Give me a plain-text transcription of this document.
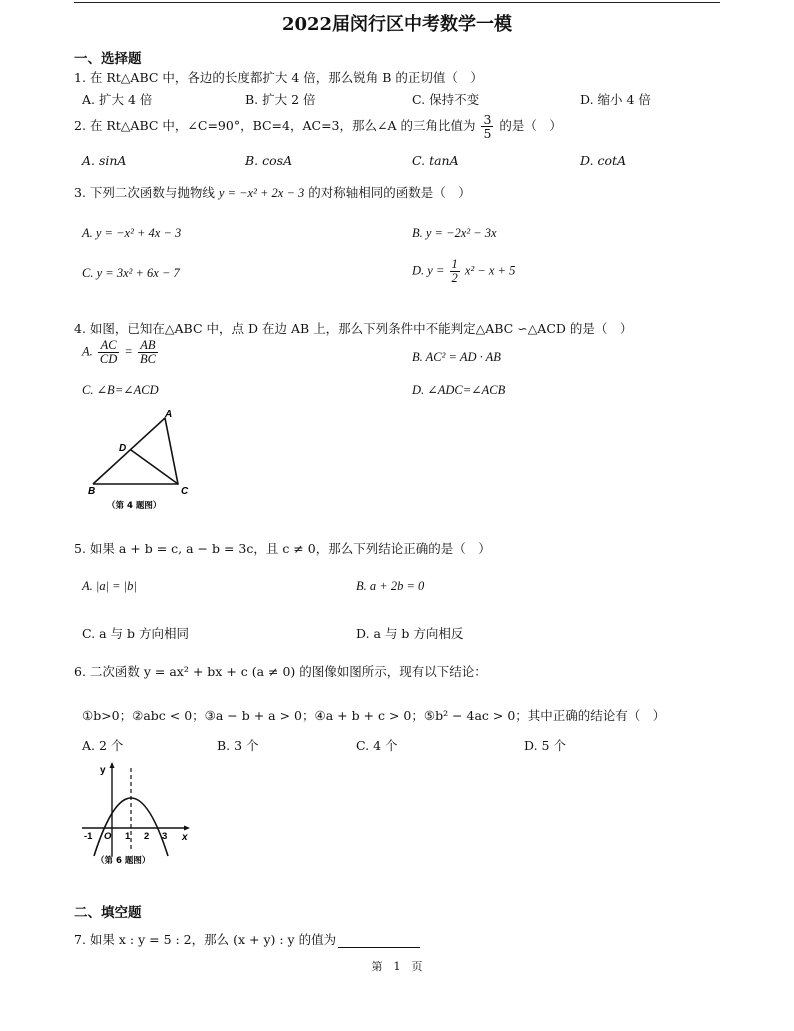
2022届闵行区中考数学一模
一、选择题
1. 在 Rt△ABC 中，各边的长度都扩大 4 倍，那么锐角 B 的正切值（　）
A. 扩大 4 倍	B. 扩大 2 倍	C. 保持不变	D. 缩小 4 倍
2. 在 Rt△ABC 中，∠C=90°，BC=4，AC=3，那么∠A 的三角比值为 $\frac{3}{5}$ 的是（　）
A. sinA	B. cosA	C. tanA	D. cotA
3. 下列二次函数与抛物线 y = −x² + 2x − 3 的对称轴相同的函数是（　）
A. y = −x² + 4x − 3	B. y = −2x² − 3x
C. y = 3x² + 6x − 7	D. $y = \frac{1}{2} x^2 - x + 5$
4. 如图，已知在△ABC 中，点 D 在边 AB 上，那么下列条件中不能判定△ABC ∽△ACD 的是（　）
A. $\frac{AC}{CD} = \frac{AB}{BC}$	B. AC² = AD · AB
C. ∠B=∠ACD	D. ∠ADC=∠ACB
A
D
B	C
（第 4 题图）
5. 如果 a + b = c, a − b = 3c，且 c ≠ 0，那么下列结论正确的是（　）
A. |a| = |b|	B. a + 2b = 0
C. a 与 b 方向相同	D. a 与 b 方向相反
6. 二次函数 y = ax² + bx + c (a ≠ 0) 的图像如图所示，现有以下结论：
①b>0；②abc < 0；③a − b + a > 0；④a + b + c > 0；⑤b² − 4ac > 0；其中正确的结论有（　）
A. 2 个	B. 3 个	C. 4 个	D. 5 个
y
x
-1 O 1 2 3
（第 6 题图）
二、填空题
7. 如果 x : y = 5 : 2，那么 (x + y) : y 的值为
第　1　页
